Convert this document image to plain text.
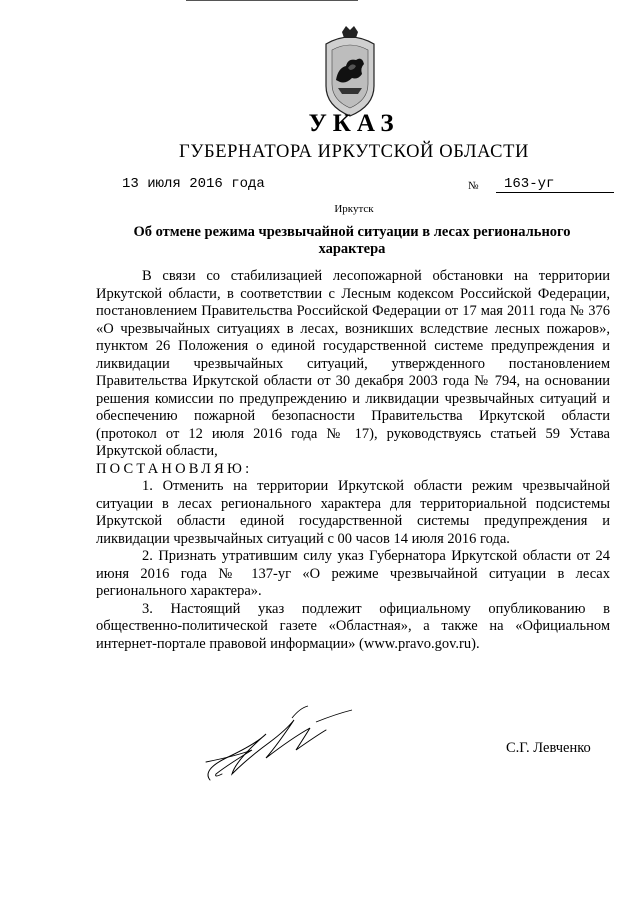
УКАЗ
ГУБЕРНАТОРА ИРКУТСКОЙ ОБЛАСТИ
13 июля 2016 года	№	163-уг
Иркутск
Об отмене режима чрезвычайной ситуации в лесах регионального характера

В связи со стабилизацией лесопожарной обстановки на территории Иркутской области, в соответствии с Лесным кодексом Российской Федерации, постановлением Правительства Российской Федерации от 17 мая 2011 года № 376 «О чрезвычайных ситуациях в лесах, возникших вследствие лесных пожаров», пунктом 26 Положения о единой государственной системе предупреждения и ликвидации чрезвычайных ситуаций, утвержденного постановлением Правительства Иркутской области от 30 декабря 2003 года № 794, на основании решения комиссии по предупреждению и ликвидации чрезвычайных ситуаций и обеспечению пожарной безопасности Правительства Иркутской области (протокол от 12 июля 2016 года № 17), руководствуясь статьей 59 Устава Иркутской области,

ПОСТАНОВЛЯЮ:

1. Отменить на территории Иркутской области режим чрезвычайной ситуации в лесах регионального характера для территориальной подсистемы Иркутской области единой государственной системы предупреждения и ликвидации чрезвычайных ситуаций с 00 часов 14 июля 2016 года.

2. Признать утратившим силу указ Губернатора Иркутской области от 24 июня 2016 года № 137-уг «О режиме чрезвычайной ситуации в лесах регионального характера».

3. Настоящий указ подлежит официальному опубликованию в общественно-политической газете «Областная», а также на «Официальном интернет-портале правовой информации» (www.pravo.gov.ru).

С.Г. Левченко
